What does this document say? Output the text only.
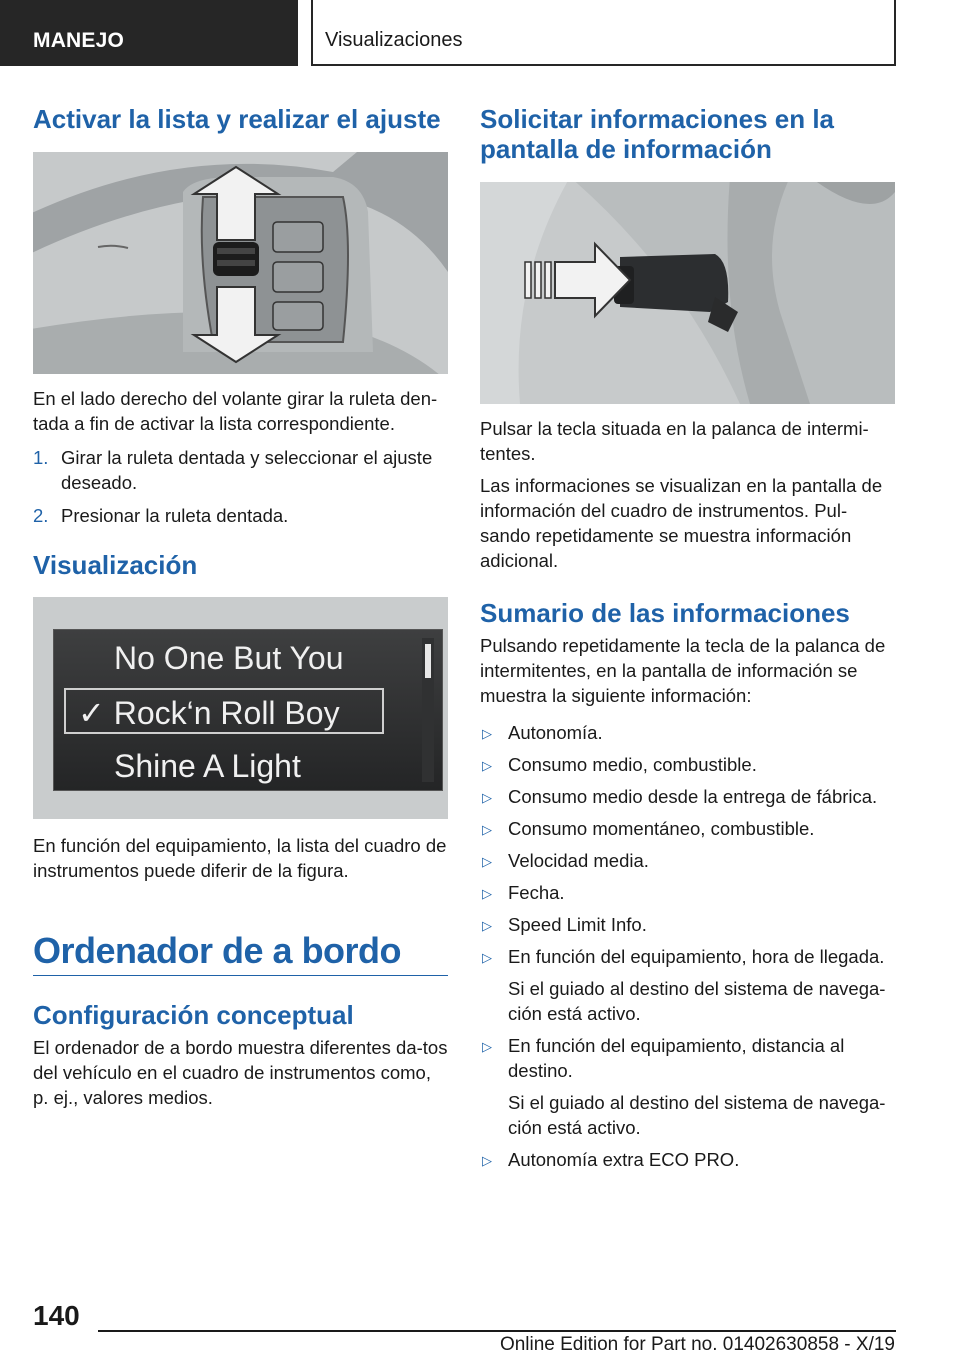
MANEJO	Visualizaciones
Activar la lista y realizar el ajuste

En el lado derecho del volante girar la ruleta den-tada a fin de activar la lista correspondiente.

1. Girar la ruleta dentada y seleccionar el ajuste deseado.
2. Presionar la ruleta dentada.
Visualización
No One But You
✓ Rock‘n Roll Boy
Shine A Light

En función del equipamiento, la lista del cuadro de instrumentos puede diferir de la figura.

Ordenador de a bordo
Configuración conceptual

El ordenador de a bordo muestra diferentes da-tos del vehículo en el cuadro de instrumentos como, p. ej., valores medios.

Solicitar informaciones en la pantalla de información

Pulsar la tecla situada en la palanca de intermi-tentes.

Las informaciones se visualizan en la pantalla de información del cuadro de instrumentos. Pul-sando repetidamente se muestra información adicional.

Sumario de las informaciones

Pulsando repetidamente la tecla de la palanca de intermitentes, en la pantalla de información se muestra la siguiente información:

▷ Autonomía.
▷ Consumo medio, combustible.
▷ Consumo medio desde la entrega de fábrica.
▷ Consumo momentáneo, combustible.
▷ Velocidad media.
▷ Fecha.
▷ Speed Limit Info.
▷ En función del equipamiento, hora de llegada.
Si el guiado al destino del sistema de navega-ción está activo.
▷ En función del equipamiento, distancia al destino.
Si el guiado al destino del sistema de navega-ción está activo.
▷ Autonomía extra ECO PRO.
140
Online Edition for Part no. 01402630858 - X/19
